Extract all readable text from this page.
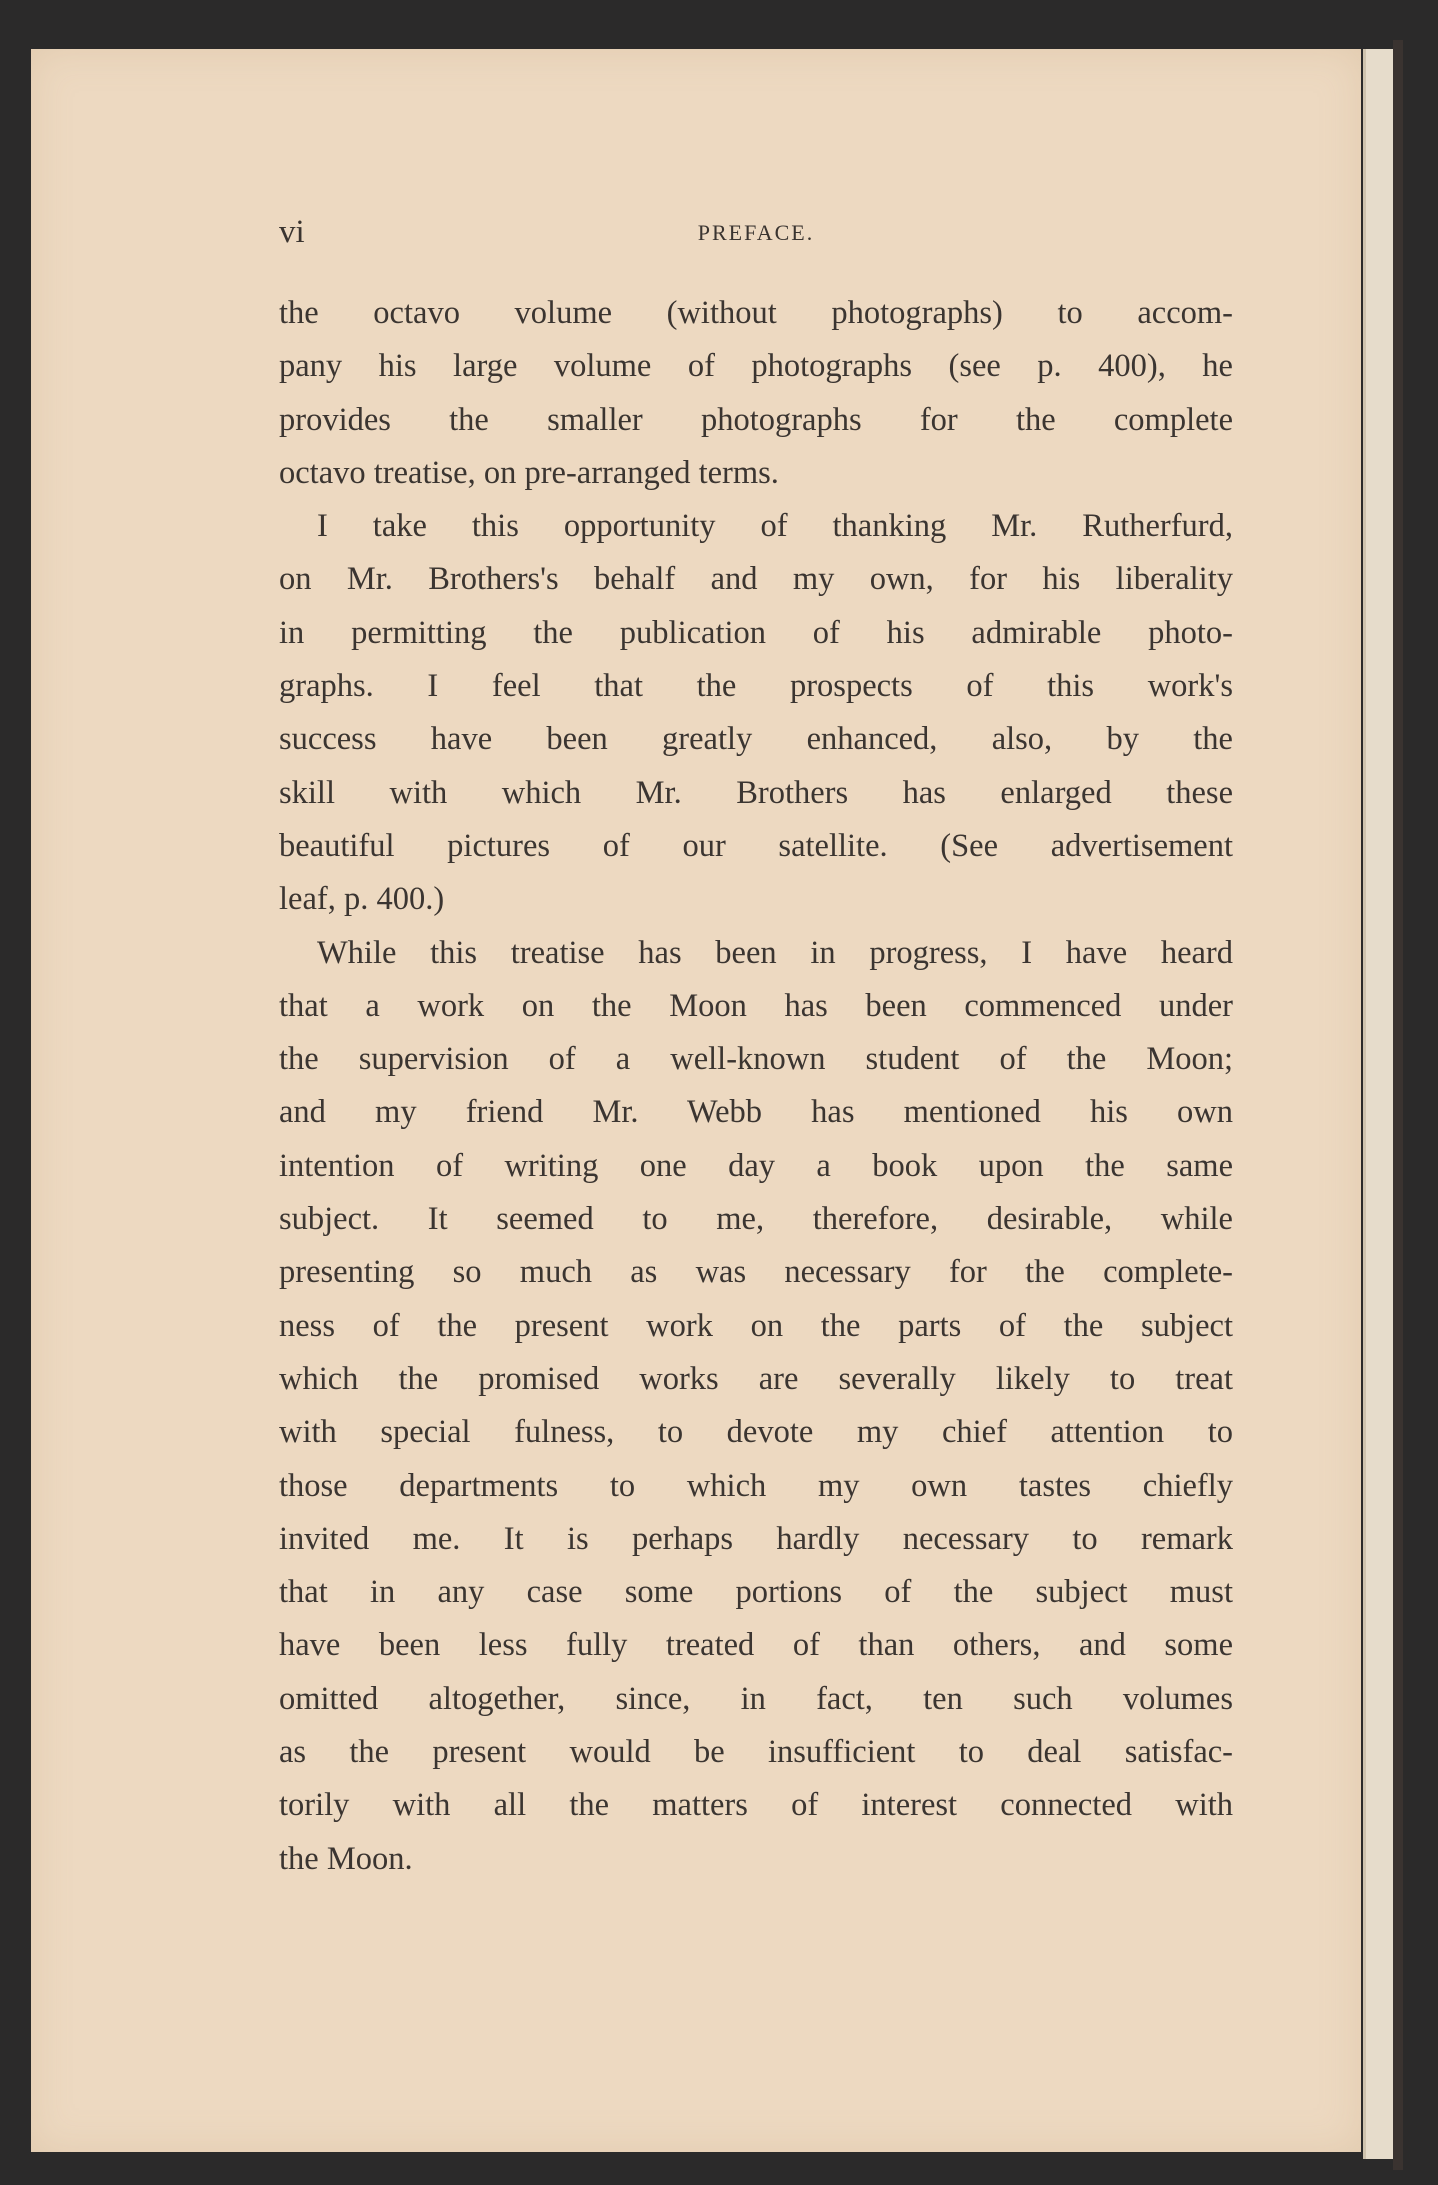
vi	PREFACE.
the octavo volume (without photographs) to accom-
pany his large volume of photographs (see p. 400), he
provides the smaller photographs for the complete
octavo treatise, on pre-arranged terms.
I take this opportunity of thanking Mr. Rutherfurd,
on Mr. Brothers's behalf and my own, for his liberality
in permitting the publication of his admirable photo-
graphs. I feel that the prospects of this work's
success have been greatly enhanced, also, by the
skill with which Mr. Brothers has enlarged these
beautiful pictures of our satellite. (See advertisement
leaf, p. 400.)
While this treatise has been in progress, I have heard
that a work on the Moon has been commenced under
the supervision of a well-known student of the Moon;
and my friend Mr. Webb has mentioned his own
intention of writing one day a book upon the same
subject. It seemed to me, therefore, desirable, while
presenting so much as was necessary for the complete-
ness of the present work on the parts of the subject
which the promised works are severally likely to treat
with special fulness, to devote my chief attention to
those departments to which my own tastes chiefly
invited me. It is perhaps hardly necessary to remark
that in any case some portions of the subject must
have been less fully treated of than others, and some
omitted altogether, since, in fact, ten such volumes
as the present would be insufficient to deal satisfac-
torily with all the matters of interest connected with
the Moon.
